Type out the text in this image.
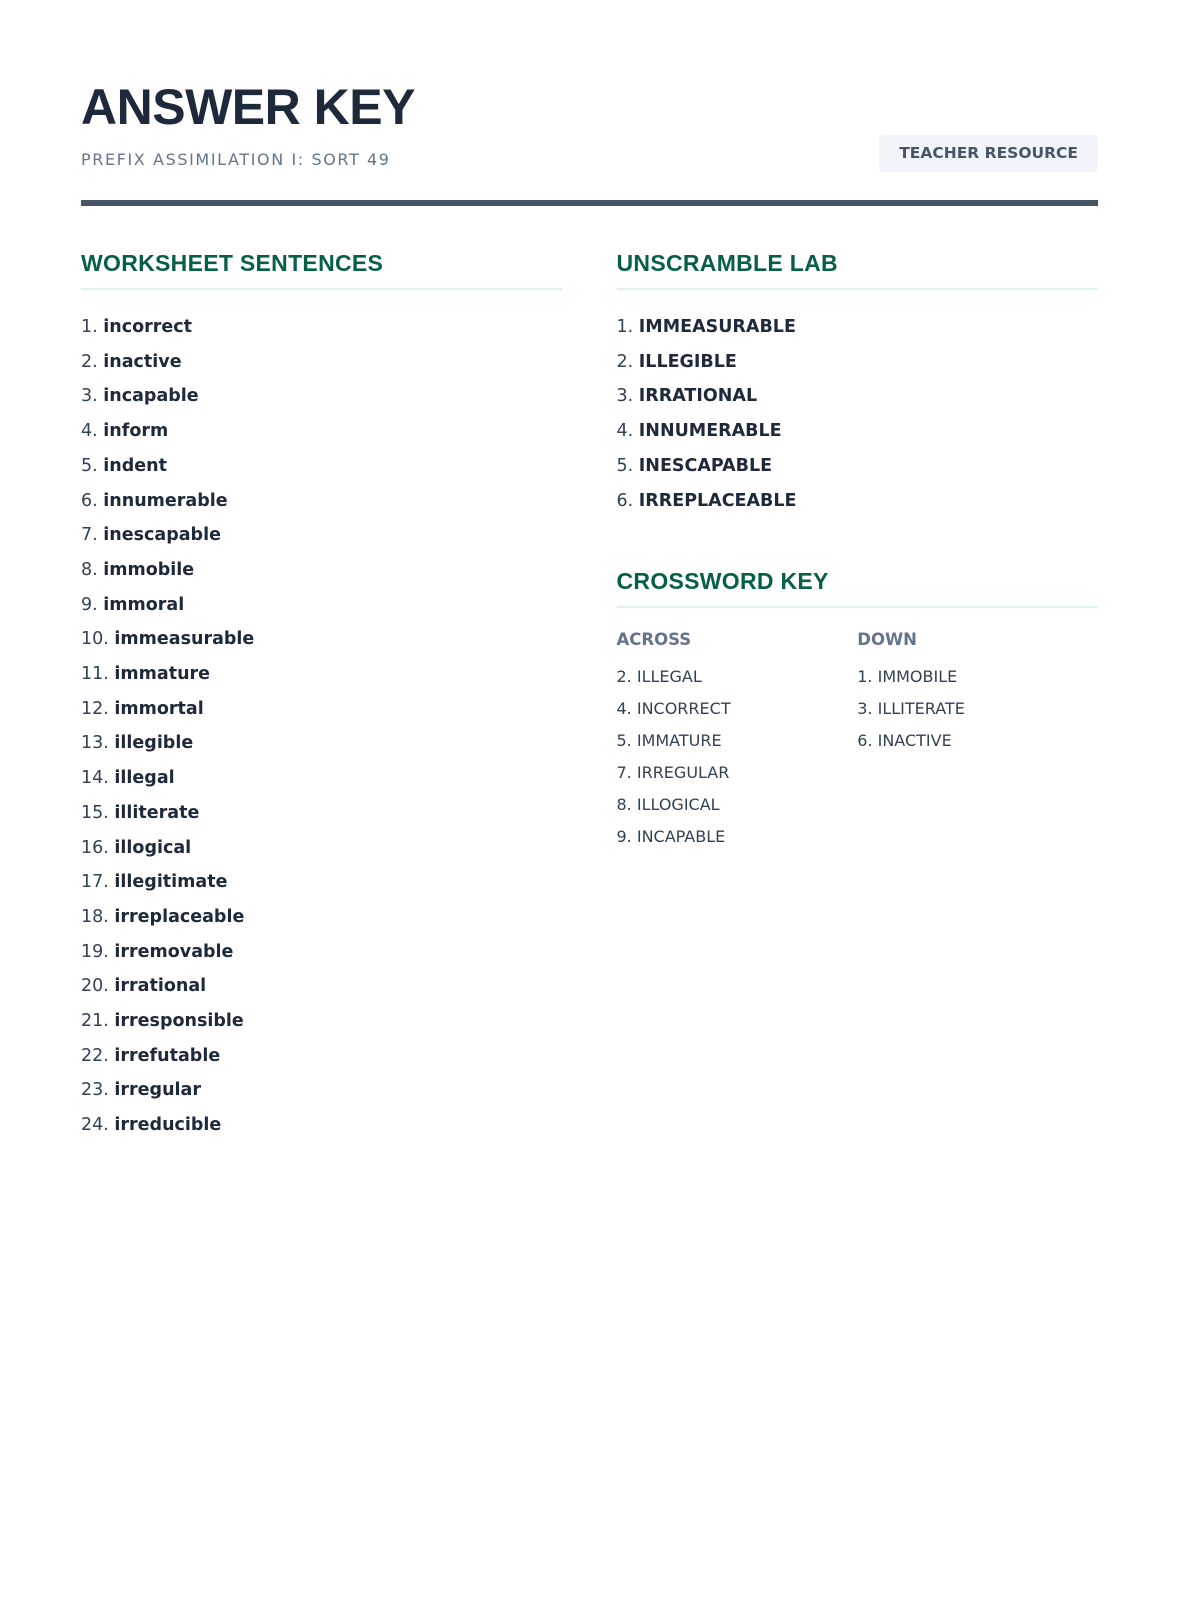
ANSWER KEY
PREFIX ASSIMILATION I: SORT 49	TEACHER RESOURCE
WORKSHEET SENTENCES
1. incorrect
2. inactive
3. incapable
4. inform
5. indent
6. innumerable
7. inescapable
8. immobile
9. immoral
10. immeasurable
11. immature
12. immortal
13. illegible
14. illegal
15. illiterate
16. illogical
17. illegitimate
18. irreplaceable
19. irremovable
20. irrational
21. irresponsible
22. irrefutable
23. irregular
24. irreducible
UNSCRAMBLE LAB
1. IMMEASURABLE
2. ILLEGIBLE
3. IRRATIONAL
4. INNUMERABLE
5. INESCAPABLE
6. IRREPLACEABLE
CROSSWORD KEY
ACROSS
2. ILLEGAL
4. INCORRECT
5. IMMATURE
7. IRREGULAR
8. ILLOGICAL
9. INCAPABLE
DOWN
1. IMMOBILE
3. ILLITERATE
6. INACTIVE
